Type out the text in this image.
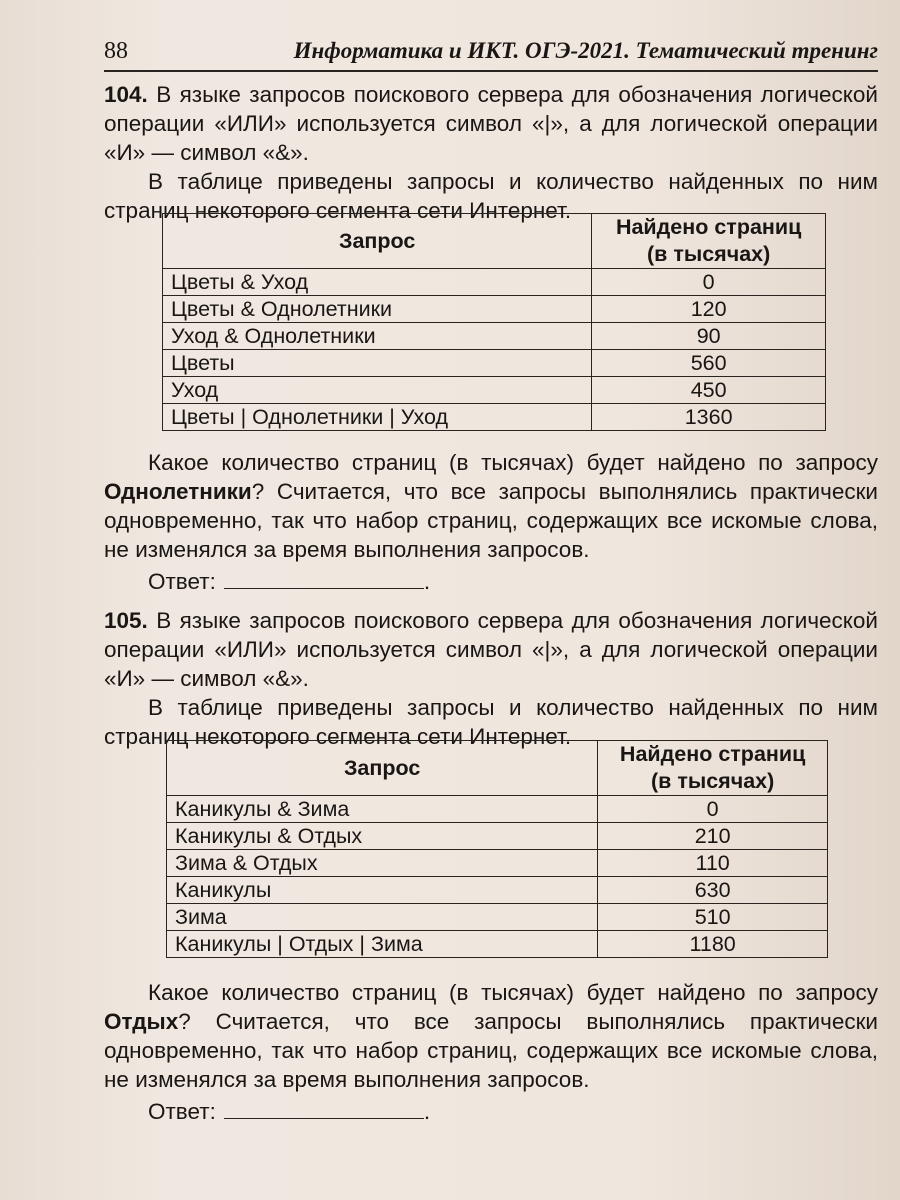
88	Информатика и ИКТ. ОГЭ-2021. Тематический тренинг

104. В языке запросов поискового сервера для обозначения логической операции «ИЛИ» используется символ «|», а для логической операции «И» — символ «&».

В таблице приведены запросы и количество найденных по ним страниц некоторого сегмента сети Интернет.

Запрос	Найдено страниц
(в тысячах)
Цветы & Уход	0
Цветы & Однолетники	120
Уход & Однолетники	90
Цветы	560
Уход	450
Цветы | Однолетники | Уход	1360

Какое количество страниц (в тысячах) будет найдено по запросу Однолетники? Считается, что все запросы выполнялись практически одновременно, так что набор страниц, содержащих все искомые слова, не изменялся за время выполнения запросов.

Ответ:	.

105. В языке запросов поискового сервера для обозначения логической операции «ИЛИ» используется символ «|», а для логической операции «И» — символ «&».

В таблице приведены запросы и количество найденных по ним страниц некоторого сегмента сети Интернет.

Запрос	Найдено страниц
(в тысячах)
Каникулы & Зима	0
Каникулы & Отдых	210
Зима & Отдых	110
Каникулы	630
Зима	510
Каникулы | Отдых | Зима	1180

Какое количество страниц (в тысячах) будет найдено по запросу Отдых? Считается, что все запросы выполнялись практически одновременно, так что набор страниц, содержащих все искомые слова, не изменялся за время выполнения запросов.

Ответ:	.
